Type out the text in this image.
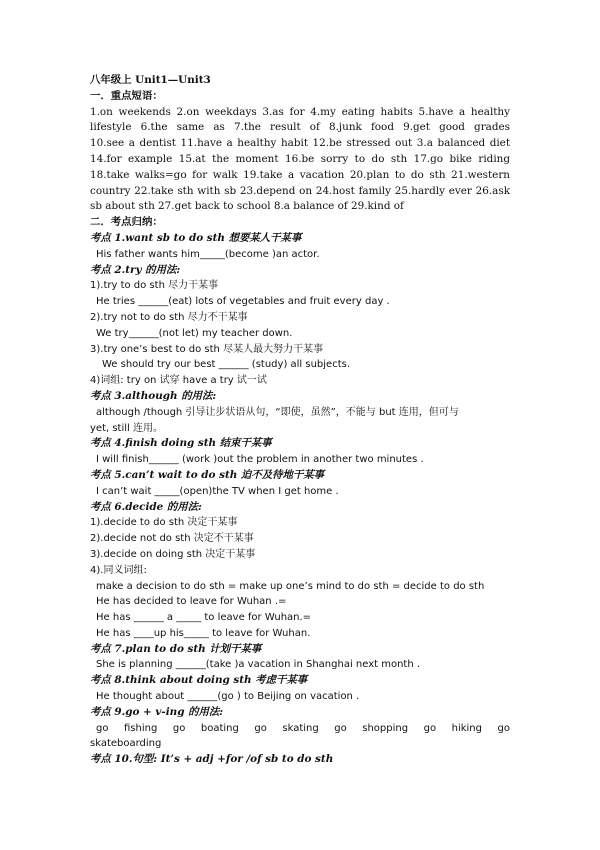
八年级上 Unit1—Unit3
一．重点短语：
1.on weekends 2.on weekdays 3.as for 4.my eating habits 5.have a healthy
lifestyle 6.the same as 7.the result of 8.junk food 9.get good grades
10.see a dentist 11.have a healthy habit 12.be stressed out 3.a balanced diet
14.for example 15.at the moment 16.be sorry to do sth 17.go bike riding
18.take walks=go for walk 19.take a vacation 20.plan to do sth 21.western
country 22.take sth with sb 23.depend on 24.host family 25.hardly ever 26.ask
sb about sth 27.get back to school 8.a balance of 29.kind of
二．考点归纳：
考点 1.want sb to do sth 想要某人干某事
His father wants him_____(become )an actor.
考点 2.try 的用法:
1).try to do sth 尽力干某事
He tries ______(eat) lots of vegetables and fruit every day .
2).try not to do sth 尽力不干某事
We try______(not let) my teacher down.
3).try one’s best to do sth 尽某人最大努力干某事
We should try our best ______ (study) all subjects.
4)词组: try on 试穿 have a try 试一试
考点 3.although 的用法:
although /though 引导让步状语从句，“即使，虽然”，不能与 but 连用，但可与
yet, still 连用。
考点 4.finish doing sth 结束干某事
I will finish______ (work )out the problem in another two minutes .
考点 5.can’t wait to do sth 迫不及待地干某事
I can’t wait _____(open)the TV when I get home .
考点 6.decide 的用法:
1).decide to do sth 决定干某事
2).decide not do sth 决定不干某事
3).decide on doing sth 决定干某事
4).同义词组:
make a decision to do sth = make up one’s mind to do sth = decide to do sth
He has decided to leave for Wuhan .=
He has ______ a _____ to leave for Wuhan.=
He has ____up his_____ to leave for Wuhan.
考点 7.plan to do sth 计划干某事
She is planning ______(take )a vacation in Shanghai next month .
考点 8.think about doing sth 考虑干某事
He thought about ______(go ) to Beijing on vacation .
考点 9.go + v-ing 的用法:
go fishing go boating go skating go shopping go hiking go
skateboarding
考点 10.句型: It’s + adj +for /of sb to do sth
